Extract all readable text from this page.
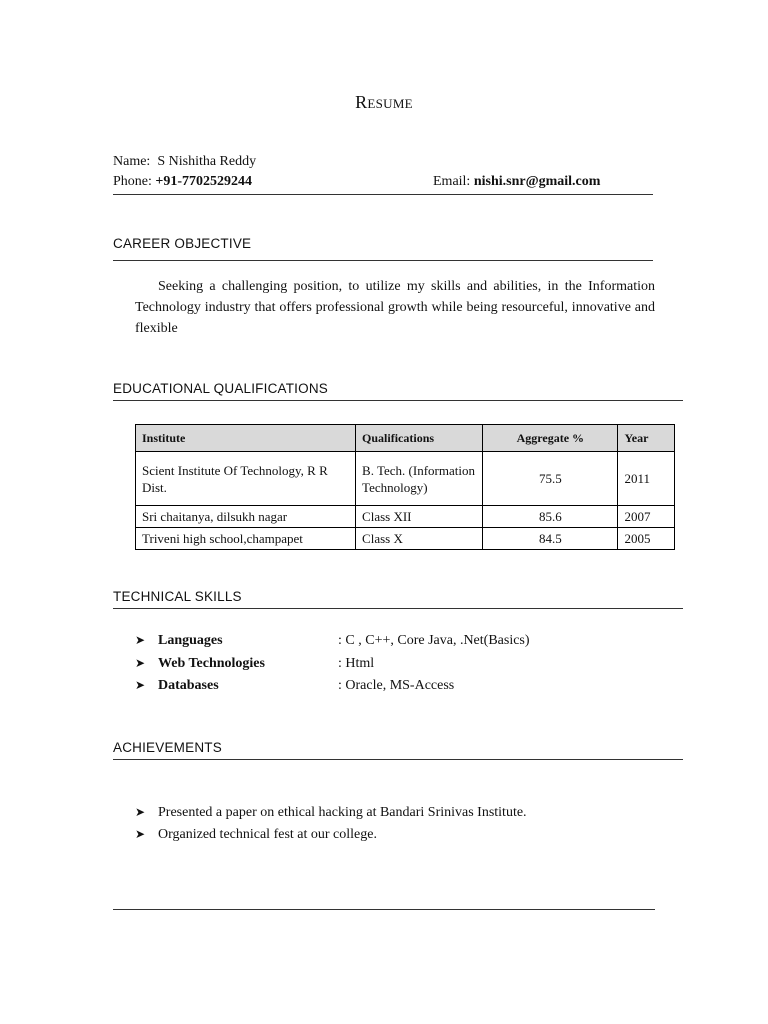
Resume
Name: S Nishitha Reddy
Phone: +91-7702529244	Email: nishi.snr@gmail.com
CAREER OBJECTIVE
Seeking a challenging position, to utilize my skills and abilities, in the Information Technology industry that offers professional growth while being resourceful, innovative and flexible
EDUCATIONAL QUALIFICATIONS
Institute	Qualifications	Aggregate %	Year
Scient Institute Of Technology, R R Dist.	B. Tech. (Information Technology)	75.5	2011
Sri chaitanya, dilsukh nagar	Class XII	85.6	2007
Triveni high school,champapet	Class X	84.5	2005
TECHNICAL SKILLS
➤ Languages	: C , C++, Core Java, .Net(Basics)
➤ Web Technologies	: Html
➤ Databases	: Oracle, MS-Access
ACHIEVEMENTS
➤ Presented a paper on ethical hacking at Bandari Srinivas Institute.
➤ Organized technical fest at our college.
